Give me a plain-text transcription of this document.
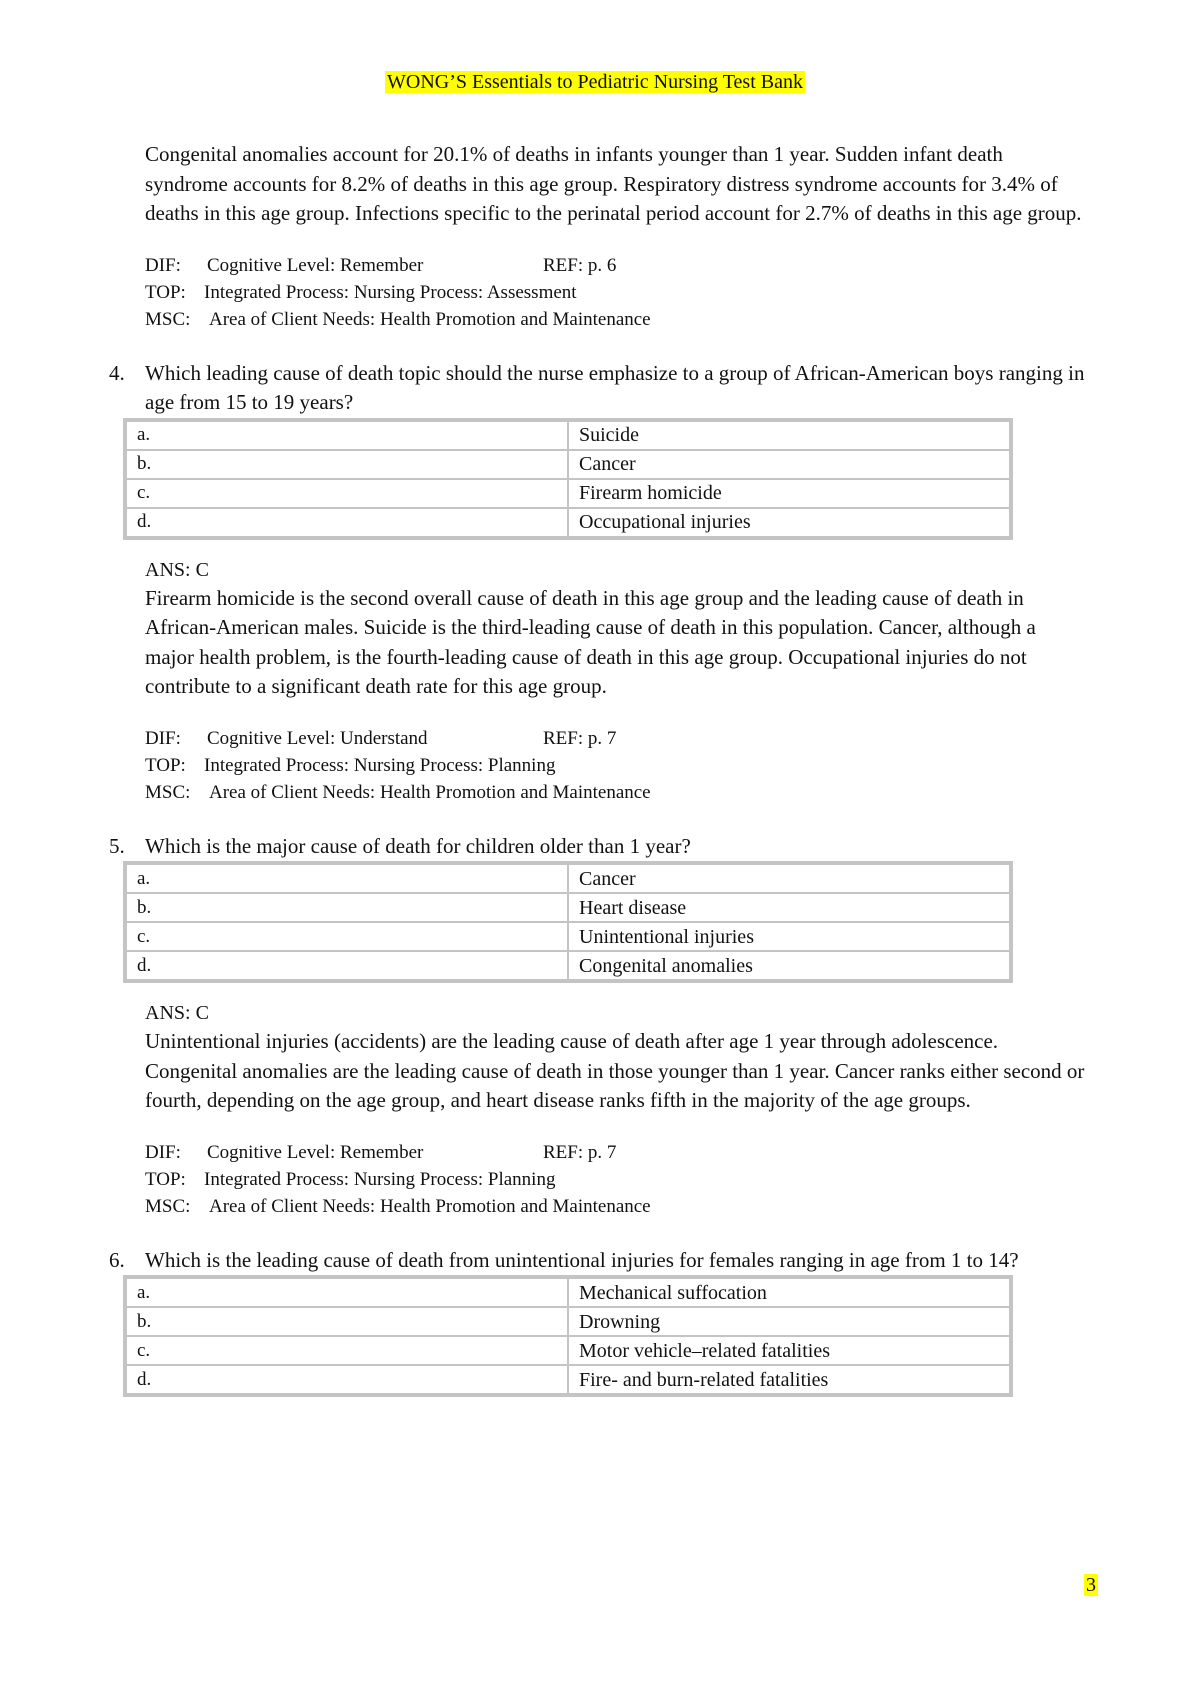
WONG’S Essentials to Pediatric Nursing Test Bank

Congenital anomalies account for 20.1% of deaths in infants younger than 1 year. Sudden infant death syndrome accounts for 8.2% of deaths in this age group. Respiratory distress syndrome accounts for 3.4% of deaths in this age group. Infections specific to the perinatal period account for 2.7% of deaths in this age group.

DIF: Cognitive Level: Remember	REF: p. 6
TOP: Integrated Process: Nursing Process: Assessment
MSC: Area of Client Needs: Health Promotion and Maintenance
4. Which leading cause of death topic should the nurse emphasize to a group of African-American boys ranging in age from 15 to 19 years?
a.	Suicide
b.	Cancer
c.	Firearm homicide
d.	Occupational injuries
ANS: C

Firearm homicide is the second overall cause of death in this age group and the leading cause of death in African-American males. Suicide is the third-leading cause of death in this population. Cancer, although a major health problem, is the fourth-leading cause of death in this age group. Occupational injuries do not contribute to a significant death rate for this age group.

DIF: Cognitive Level: Understand	REF: p. 7
TOP: Integrated Process: Nursing Process: Planning
MSC: Area of Client Needs: Health Promotion and Maintenance
5. Which is the major cause of death for children older than 1 year?
a.	Cancer
b.	Heart disease
c.	Unintentional injuries
d.	Congenital anomalies
ANS: C

Unintentional injuries (accidents) are the leading cause of death after age 1 year through adolescence. Congenital anomalies are the leading cause of death in those younger than 1 year. Cancer ranks either second or fourth, depending on the age group, and heart disease ranks fifth in the majority of the age groups.

DIF: Cognitive Level: Remember	REF: p. 7
TOP: Integrated Process: Nursing Process: Planning
MSC: Area of Client Needs: Health Promotion and Maintenance
6. Which is the leading cause of death from unintentional injuries for females ranging in age from 1 to 14?
a.	Mechanical suffocation
b.	Drowning
c.	Motor vehicle–related fatalities
d.	Fire- and burn-related fatalities
3
